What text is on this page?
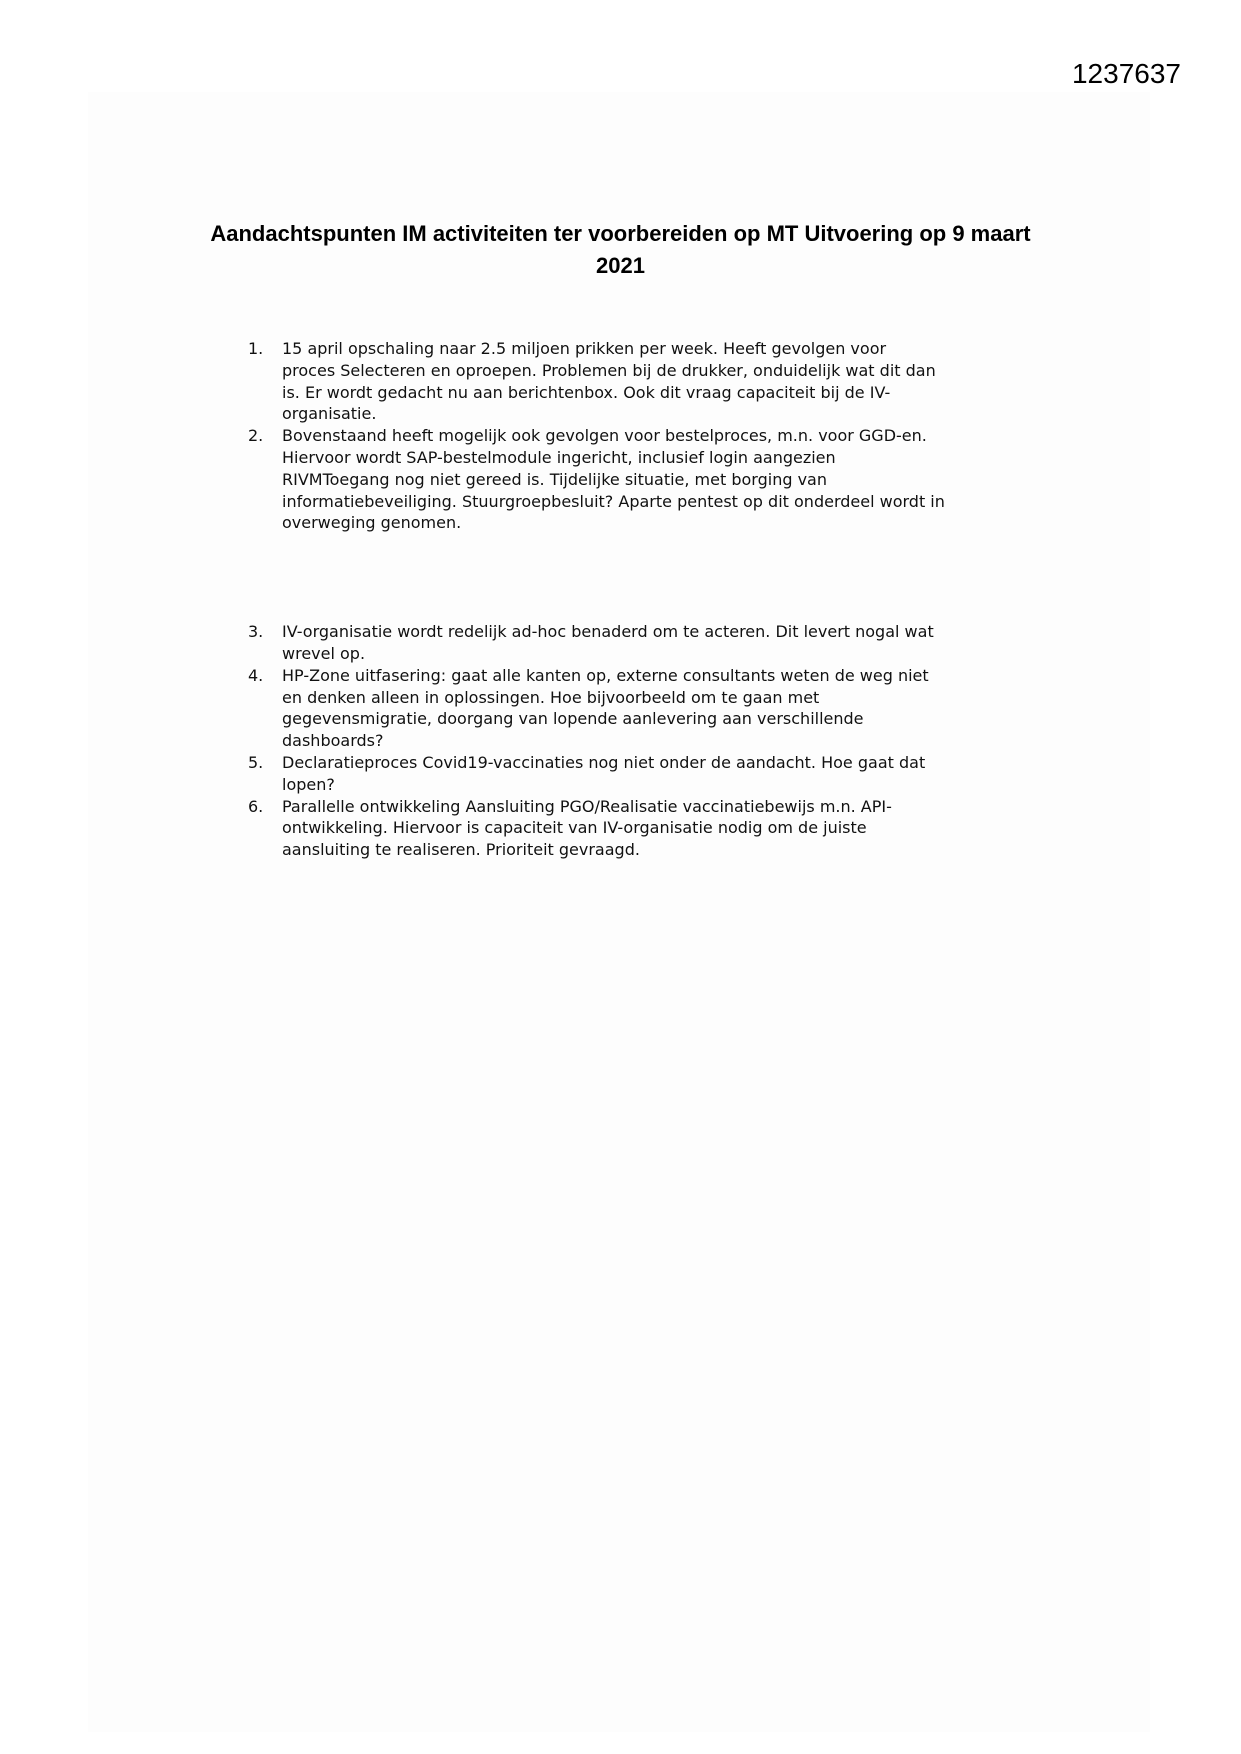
1237637
Aandachtspunten IM activiteiten ter voorbereiden op MT Uitvoering op 9 maart 2021
1.	15 april opschaling naar 2.5 miljoen prikken per week. Heeft gevolgen voor
proces Selecteren en oproepen. Problemen bij de drukker, onduidelijk wat dit dan
is. Er wordt gedacht nu aan berichtenbox. Ook dit vraag capaciteit bij de IV-
organisatie.
2.	Bovenstaand heeft mogelijk ook gevolgen voor bestelproces, m.n. voor GGD-en.
Hiervoor wordt SAP-bestelmodule ingericht, inclusief login aangezien
RIVMToegang nog niet gereed is. Tijdelijke situatie, met borging van
informatiebeveiliging. Stuurgroepbesluit? Aparte pentest op dit onderdeel wordt in
overweging genomen.
3.	IV-organisatie wordt redelijk ad-hoc benaderd om te acteren. Dit levert nogal wat
wrevel op.
4.	HP-Zone uitfasering: gaat alle kanten op, externe consultants weten de weg niet
en denken alleen in oplossingen. Hoe bijvoorbeeld om te gaan met
gegevensmigratie, doorgang van lopende aanlevering aan verschillende
dashboards?
5.	Declaratieproces Covid19-vaccinaties nog niet onder de aandacht. Hoe gaat dat
lopen?
6.	Parallelle ontwikkeling Aansluiting PGO/Realisatie vaccinatiebewijs m.n. API-
ontwikkeling. Hiervoor is capaciteit van IV-organisatie nodig om de juiste
aansluiting te realiseren. Prioriteit gevraagd.
